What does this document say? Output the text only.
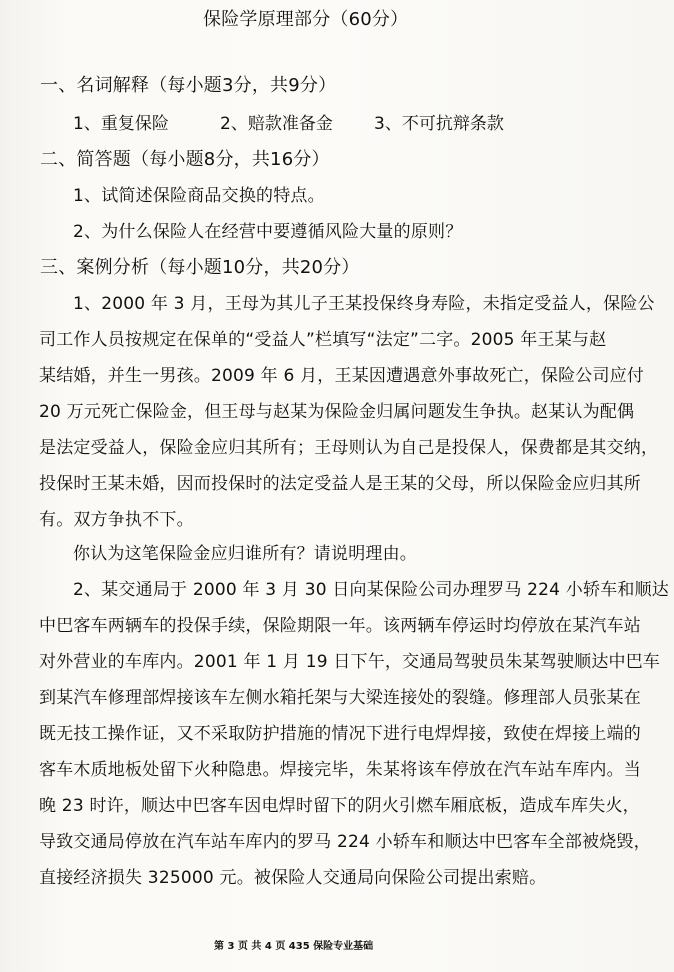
保险学原理部分（60分）
一、名词解释（每小题3分，共9分）
1、重复保险	2、赔款准备金 3、不可抗辩条款
二、简答题（每小题8分，共16分）
1、试简述保险商品交换的特点。
2、为什么保险人在经营中要遵循风险大量的原则？
三、案例分析（每小题10分，共20分）
1、2000 年 3 月，王母为其儿子王某投保终身寿险，未指定受益人，保险公
司工作人员按规定在保单的“受益人”栏填写“法定”二字。2005 年王某与赵
某结婚，并生一男孩。2009 年 6 月，王某因遭遇意外事故死亡，保险公司应付
20 万元死亡保险金，但王母与赵某为保险金归属问题发生争执。赵某认为配偶
是法定受益人，保险金应归其所有；王母则认为自己是投保人，保费都是其交纳，
投保时王某未婚，因而投保时的法定受益人是王某的父母，所以保险金应归其所
有。双方争执不下。
你认为这笔保险金应归谁所有？请说明理由。
2、某交通局于 2000 年 3 月 30 日向某保险公司办理罗马 224 小轿车和顺达
中巴客车两辆车的投保手续，保险期限一年。该两辆车停运时均停放在某汽车站
对外营业的车库内。2001 年 1 月 19 日下午，交通局驾驶员朱某驾驶顺达中巴车
到某汽车修理部焊接该车左侧水箱托架与大梁连接处的裂缝。修理部人员张某在
既无技工操作证，又不采取防护措施的情况下进行电焊焊接，致使在焊接上端的
客车木质地板处留下火种隐患。焊接完毕，朱某将该车停放在汽车站车库内。当
晚 23 时许，顺达中巴客车因电焊时留下的阴火引燃车厢底板，造成车库失火，
导致交通局停放在汽车站车库内的罗马 224 小轿车和顺达中巴客车全部被烧毁，
直接经济损失 325000 元。被保险人交通局向保险公司提出索赔。
第 3 页 共 4 页 435 保险专业基础
